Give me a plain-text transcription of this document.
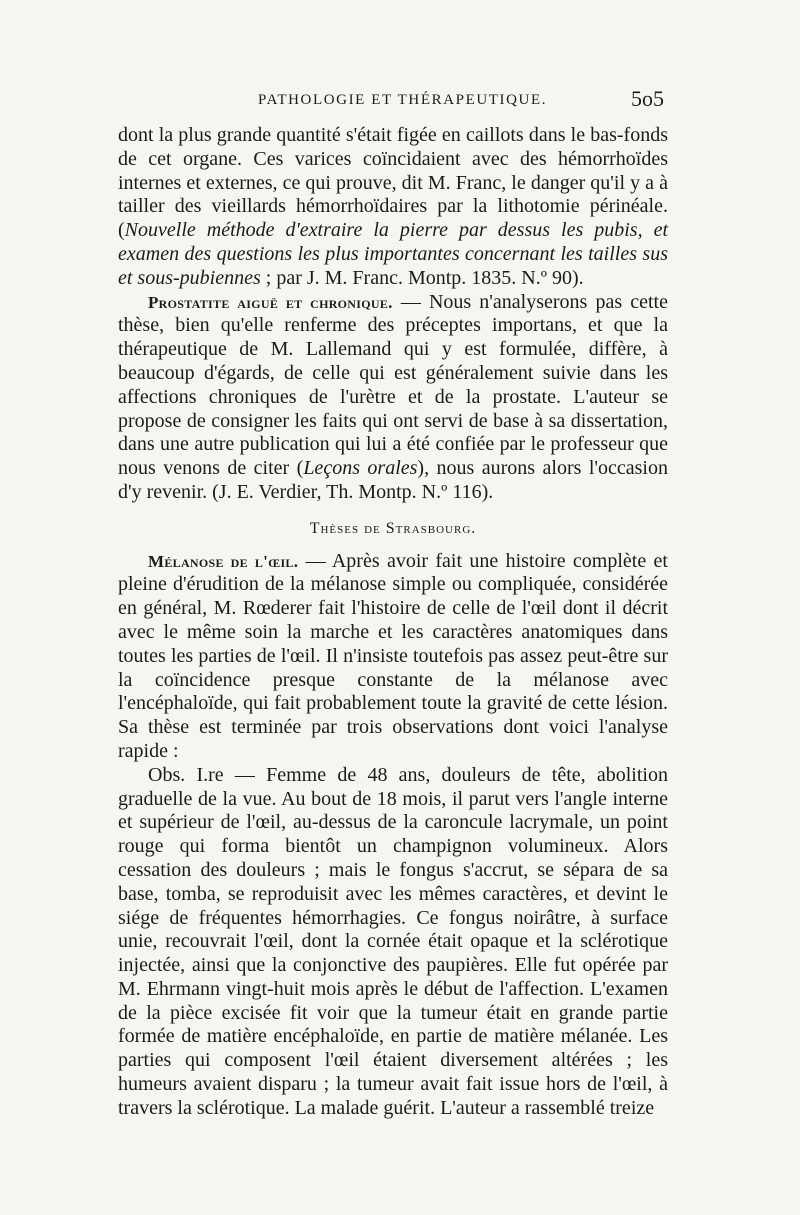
PATHOLOGIE ET THÉRAPEUTIQUE.	5o5

dont la plus grande quantité s'était figée en caillots dans le bas-fonds de cet organe. Ces varices coïncidaient avec des hémorrhoïdes internes et externes, ce qui prouve, dit M. Franc, le danger qu'il y a à tailler des vieillards hémorrhoïdaires par la lithotomie périnéale. (Nouvelle méthode d'extraire la pierre par dessus les pubis, et examen des questions les plus importantes concernant les tailles sus et sous-pubiennes ; par J. M. Franc. Montp. 1835. N.º 90).

Prostatite aiguë et chronique. — Nous n'analyserons pas cette thèse, bien qu'elle renferme des préceptes importans, et que la thérapeutique de M. Lallemand qui y est formulée, diffère, à beaucoup d'égards, de celle qui est généralement suivie dans les affections chroniques de l'urètre et de la prostate. L'auteur se propose de consigner les faits qui ont servi de base à sa dissertation, dans une autre publication qui lui a été confiée par le professeur que nous venons de citer (Leçons orales), nous aurons alors l'occasion d'y revenir. (J. E. Verdier, Th. Montp. N.º 116).

Thèses de Strasbourg.

Mélanose de l'œil. — Après avoir fait une histoire complète et pleine d'érudition de la mélanose simple ou compliquée, considérée en général, M. Rœderer fait l'histoire de celle de l'œil dont il décrit avec le même soin la marche et les caractères anatomiques dans toutes les parties de l'œil. Il n'insiste toutefois pas assez peut-être sur la coïncidence presque constante de la mélanose avec l'encéphaloïde, qui fait probablement toute la gravité de cette lésion. Sa thèse est terminée par trois observations dont voici l'analyse rapide :

Obs. I.re — Femme de 48 ans, douleurs de tête, abolition graduelle de la vue. Au bout de 18 mois, il parut vers l'angle interne et supérieur de l'œil, au-dessus de la caroncule lacrymale, un point rouge qui forma bientôt un champignon volumineux. Alors cessation des douleurs ; mais le fongus s'accrut, se sépara de sa base, tomba, se reproduisit avec les mêmes caractères, et devint le siége de fréquentes hémorrhagies. Ce fongus noirâtre, à surface unie, recouvrait l'œil, dont la cornée était opaque et la sclérotique injectée, ainsi que la conjonctive des paupières. Elle fut opérée par M. Ehrmann vingt-huit mois après le début de l'affection. L'examen de la pièce excisée fit voir que la tumeur était en grande partie formée de matière encéphaloïde, en partie de matière mélanée. Les parties qui composent l'œil étaient diversement altérées ; les humeurs avaient disparu ; la tumeur avait fait issue hors de l'œil, à travers la sclérotique. La malade guérit. L'auteur a rassemblé treize
